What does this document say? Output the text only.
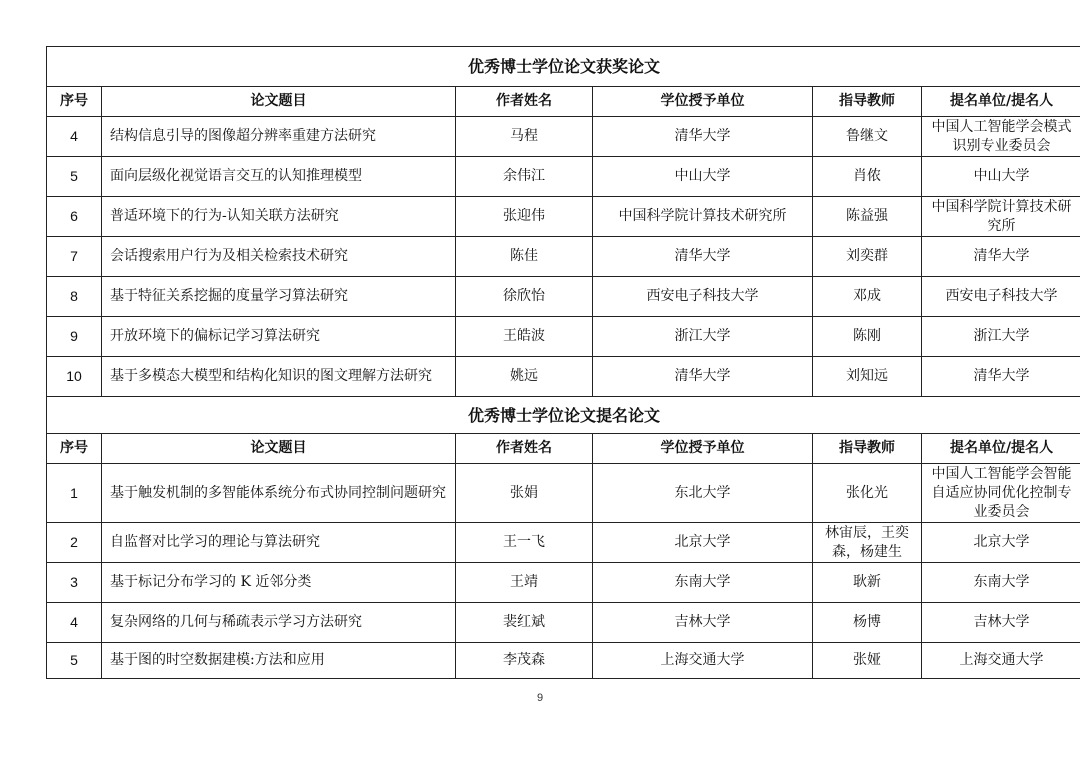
优秀博士学位论文获奖论文					
序号	论文题目	作者姓名	学位授予单位	指导教师	提名单位/提名人
4	结构信息引导的图像超分辨率重建方法研究	马程	清华大学	鲁继文	中国人工智能学会模式识别专业委员会
5	面向层级化视觉语言交互的认知推理模型	余伟江	中山大学	肖侬	中山大学
6	普适环境下的行为-认知关联方法研究	张迎伟	中国科学院计算技术研究所	陈益强	中国科学院计算技术研究所
7	会话搜索用户行为及相关检索技术研究	陈佳	清华大学	刘奕群	清华大学
8	基于特征关系挖掘的度量学习算法研究	徐欣怡	西安电子科技大学	邓成	西安电子科技大学
9	开放环境下的偏标记学习算法研究	王皓波	浙江大学	陈刚	浙江大学
10	基于多模态大模型和结构化知识的图文理解方法研究	姚远	清华大学	刘知远	清华大学
优秀博士学位论文提名论文					
序号	论文题目	作者姓名	学位授予单位	指导教师	提名单位/提名人
1	基于触发机制的多智能体系统分布式协同控制问题研究	张娟	东北大学	张化光	中国人工智能学会智能自适应协同优化控制专业委员会
2	自监督对比学习的理论与算法研究	王一飞	北京大学	林宙辰，王奕森，杨建生	北京大学
3	基于标记分布学习的 K 近邻分类	王靖	东南大学	耿新	东南大学
4	复杂网络的几何与稀疏表示学习方法研究	裴红斌	吉林大学	杨博	吉林大学
5	基于图的时空数据建模:方法和应用	李茂森	上海交通大学	张娅	上海交通大学
9
